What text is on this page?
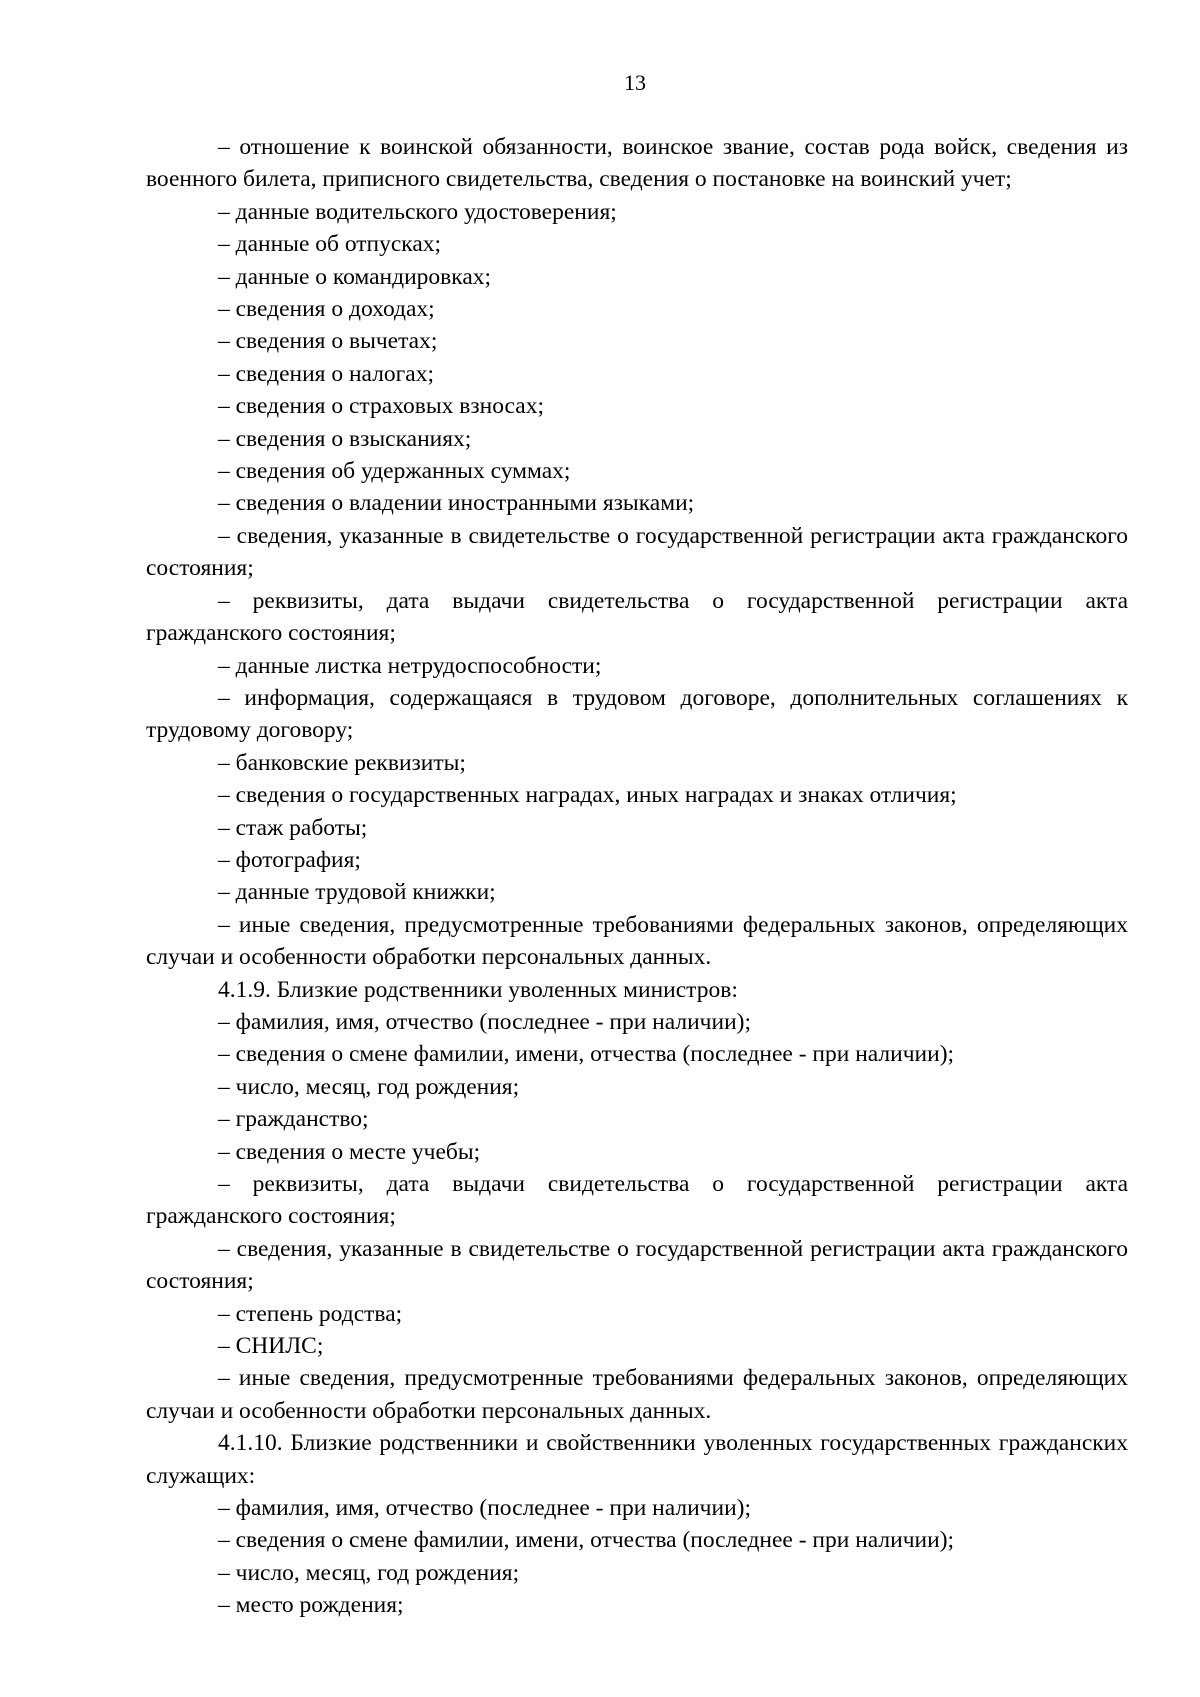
13

– отношение к воинской обязанности, воинское звание, состав рода войск, сведения из военного билета, приписного свидетельства, сведения о постановке на воинский учет;

– данные водительского удостоверения;

– данные об отпусках;

– данные о командировках;

– сведения о доходах;

– сведения о вычетах;

– сведения о налогах;

– сведения о страховых взносах;

– сведения о взысканиях;

– сведения об удержанных суммах;

– сведения о владении иностранными языками;

– сведения, указанные в свидетельстве о государственной регистрации акта гражданского состояния;

– реквизиты, дата выдачи свидетельства о государственной регистрации акта гражданского состояния;

– данные листка нетрудоспособности;

– информация, содержащаяся в трудовом договоре, дополнительных соглашениях к трудовому договору;

– банковские реквизиты;

– сведения о государственных наградах, иных наградах и знаках отличия;

– стаж работы;

– фотография;

– данные трудовой книжки;

– иные сведения, предусмотренные требованиями федеральных законов, определяющих случаи и особенности обработки персональных данных.

4.1.9. Близкие родственники уволенных министров:

– фамилия, имя, отчество (последнее - при наличии);

– сведения о смене фамилии, имени, отчества (последнее - при наличии);

– число, месяц, год рождения;

– гражданство;

– сведения о месте учебы;

– реквизиты, дата выдачи свидетельства о государственной регистрации акта гражданского состояния;

– сведения, указанные в свидетельстве о государственной регистрации акта гражданского состояния;

– степень родства;

– СНИЛС;

– иные сведения, предусмотренные требованиями федеральных законов, определяющих случаи и особенности обработки персональных данных.

4.1.10. Близкие родственники и свойственники уволенных государственных гражданских служащих:

– фамилия, имя, отчество (последнее - при наличии);

– сведения о смене фамилии, имени, отчества (последнее - при наличии);

– число, месяц, год рождения;

– место рождения;
